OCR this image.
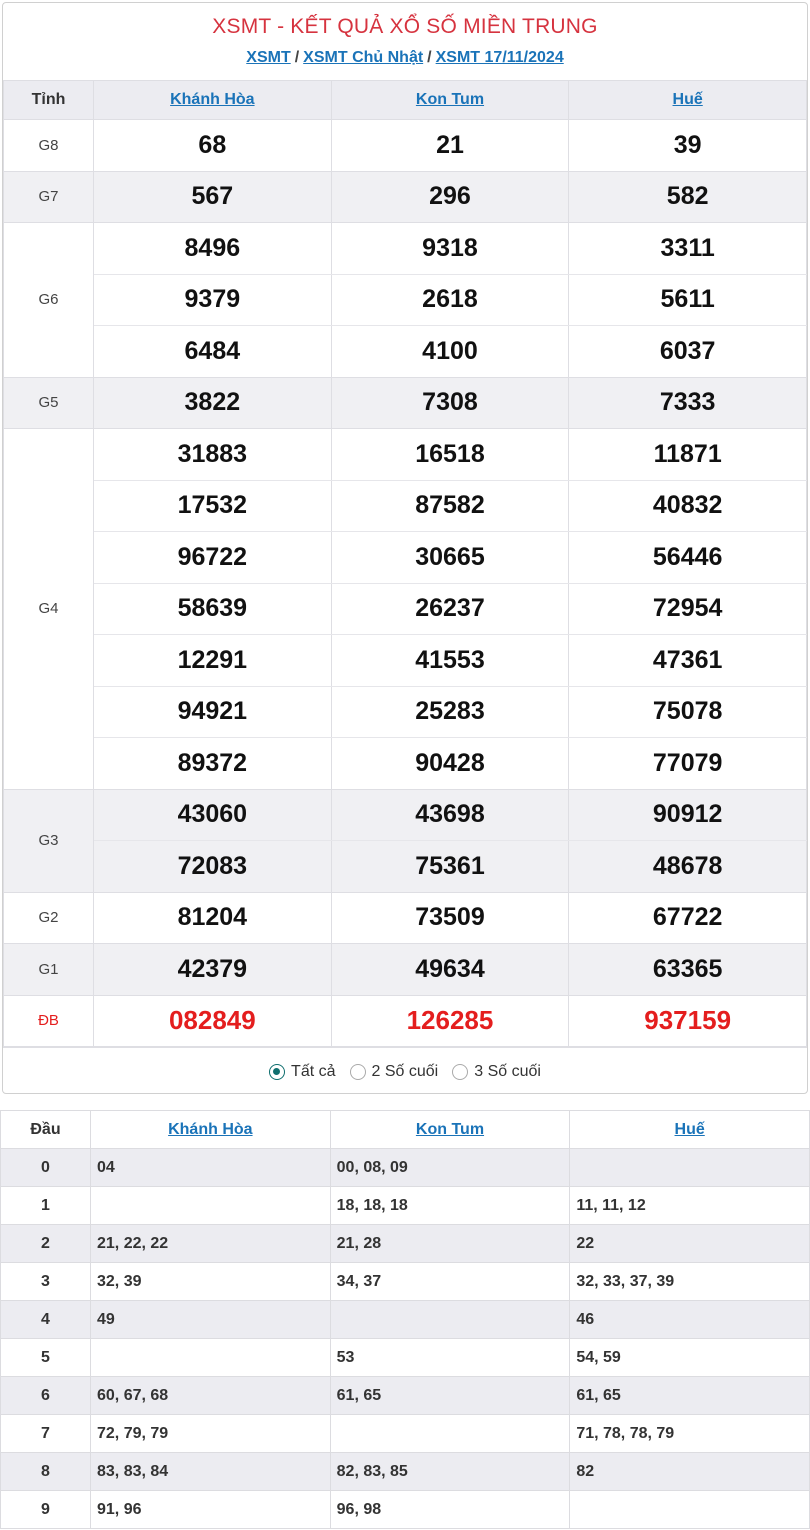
XSMT - KẾT QUẢ XỔ SỐ MIỀN TRUNG
XSMT / XSMT Chủ Nhật / XSMT 17/11/2024
Tỉnh	Khánh Hòa	Kon Tum	Huế
G8	68	21	39
G7	567	296	582
G6	8496	9318	3311
	9379	2618	5611
	6484	4100	6037
G5	3822	7308	7333
G4	31883	16518	11871
	17532	87582	40832
	96722	30665	56446
	58639	26237	72954
	12291	41553	47361
	94921	25283	75078
	89372	90428	77079
G3	43060	43698	90912
	72083	75361	48678
G2	81204	73509	67722
G1	42379	49634	63365
ĐB	082849	126285	937159
Tất cả 2 Số cuối 3 Số cuối
Đầu	Khánh Hòa	Kon Tum	Huế
0	04	00, 08, 09	
1		18, 18, 18	11, 11, 12
2	21, 22, 22	21, 28	22
3	32, 39	34, 37	32, 33, 37, 39
4	49		46
5		53	54, 59
6	60, 67, 68	61, 65	61, 65
7	72, 79, 79		71, 78, 78, 79
8	83, 83, 84	82, 83, 85	82
9	91, 96	96, 98	
